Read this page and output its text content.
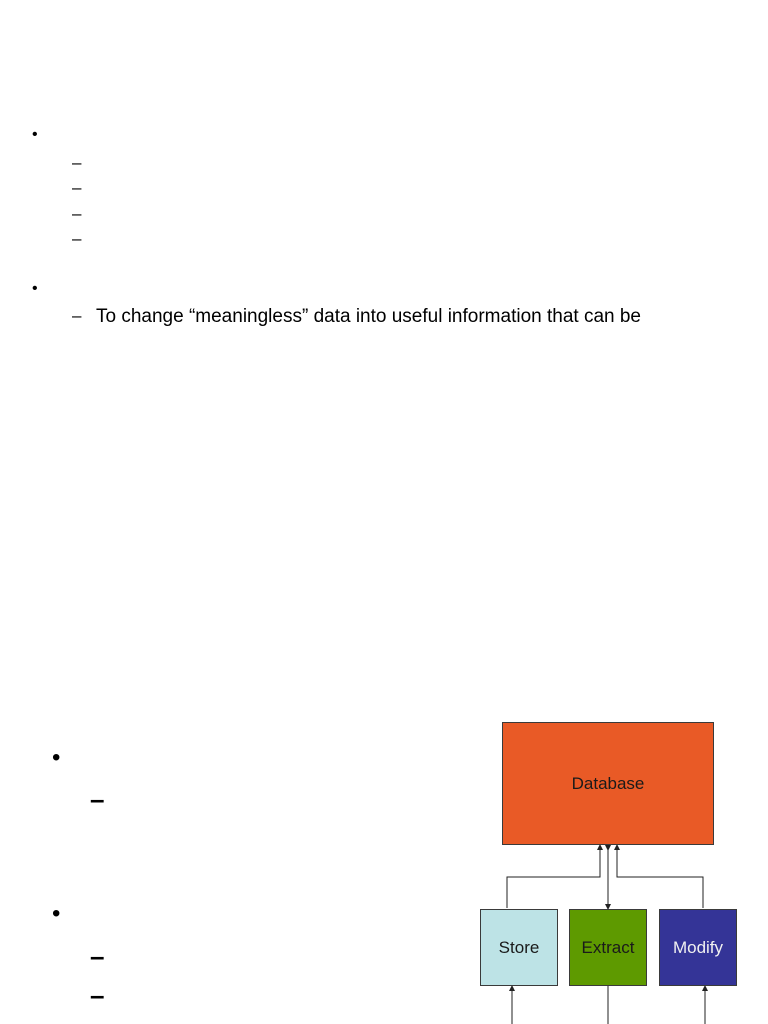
•
–
–
–
–
•
– To change “meaningless” data into useful information that can be
•
–
•
–
–
Database
Store Extract Modify
